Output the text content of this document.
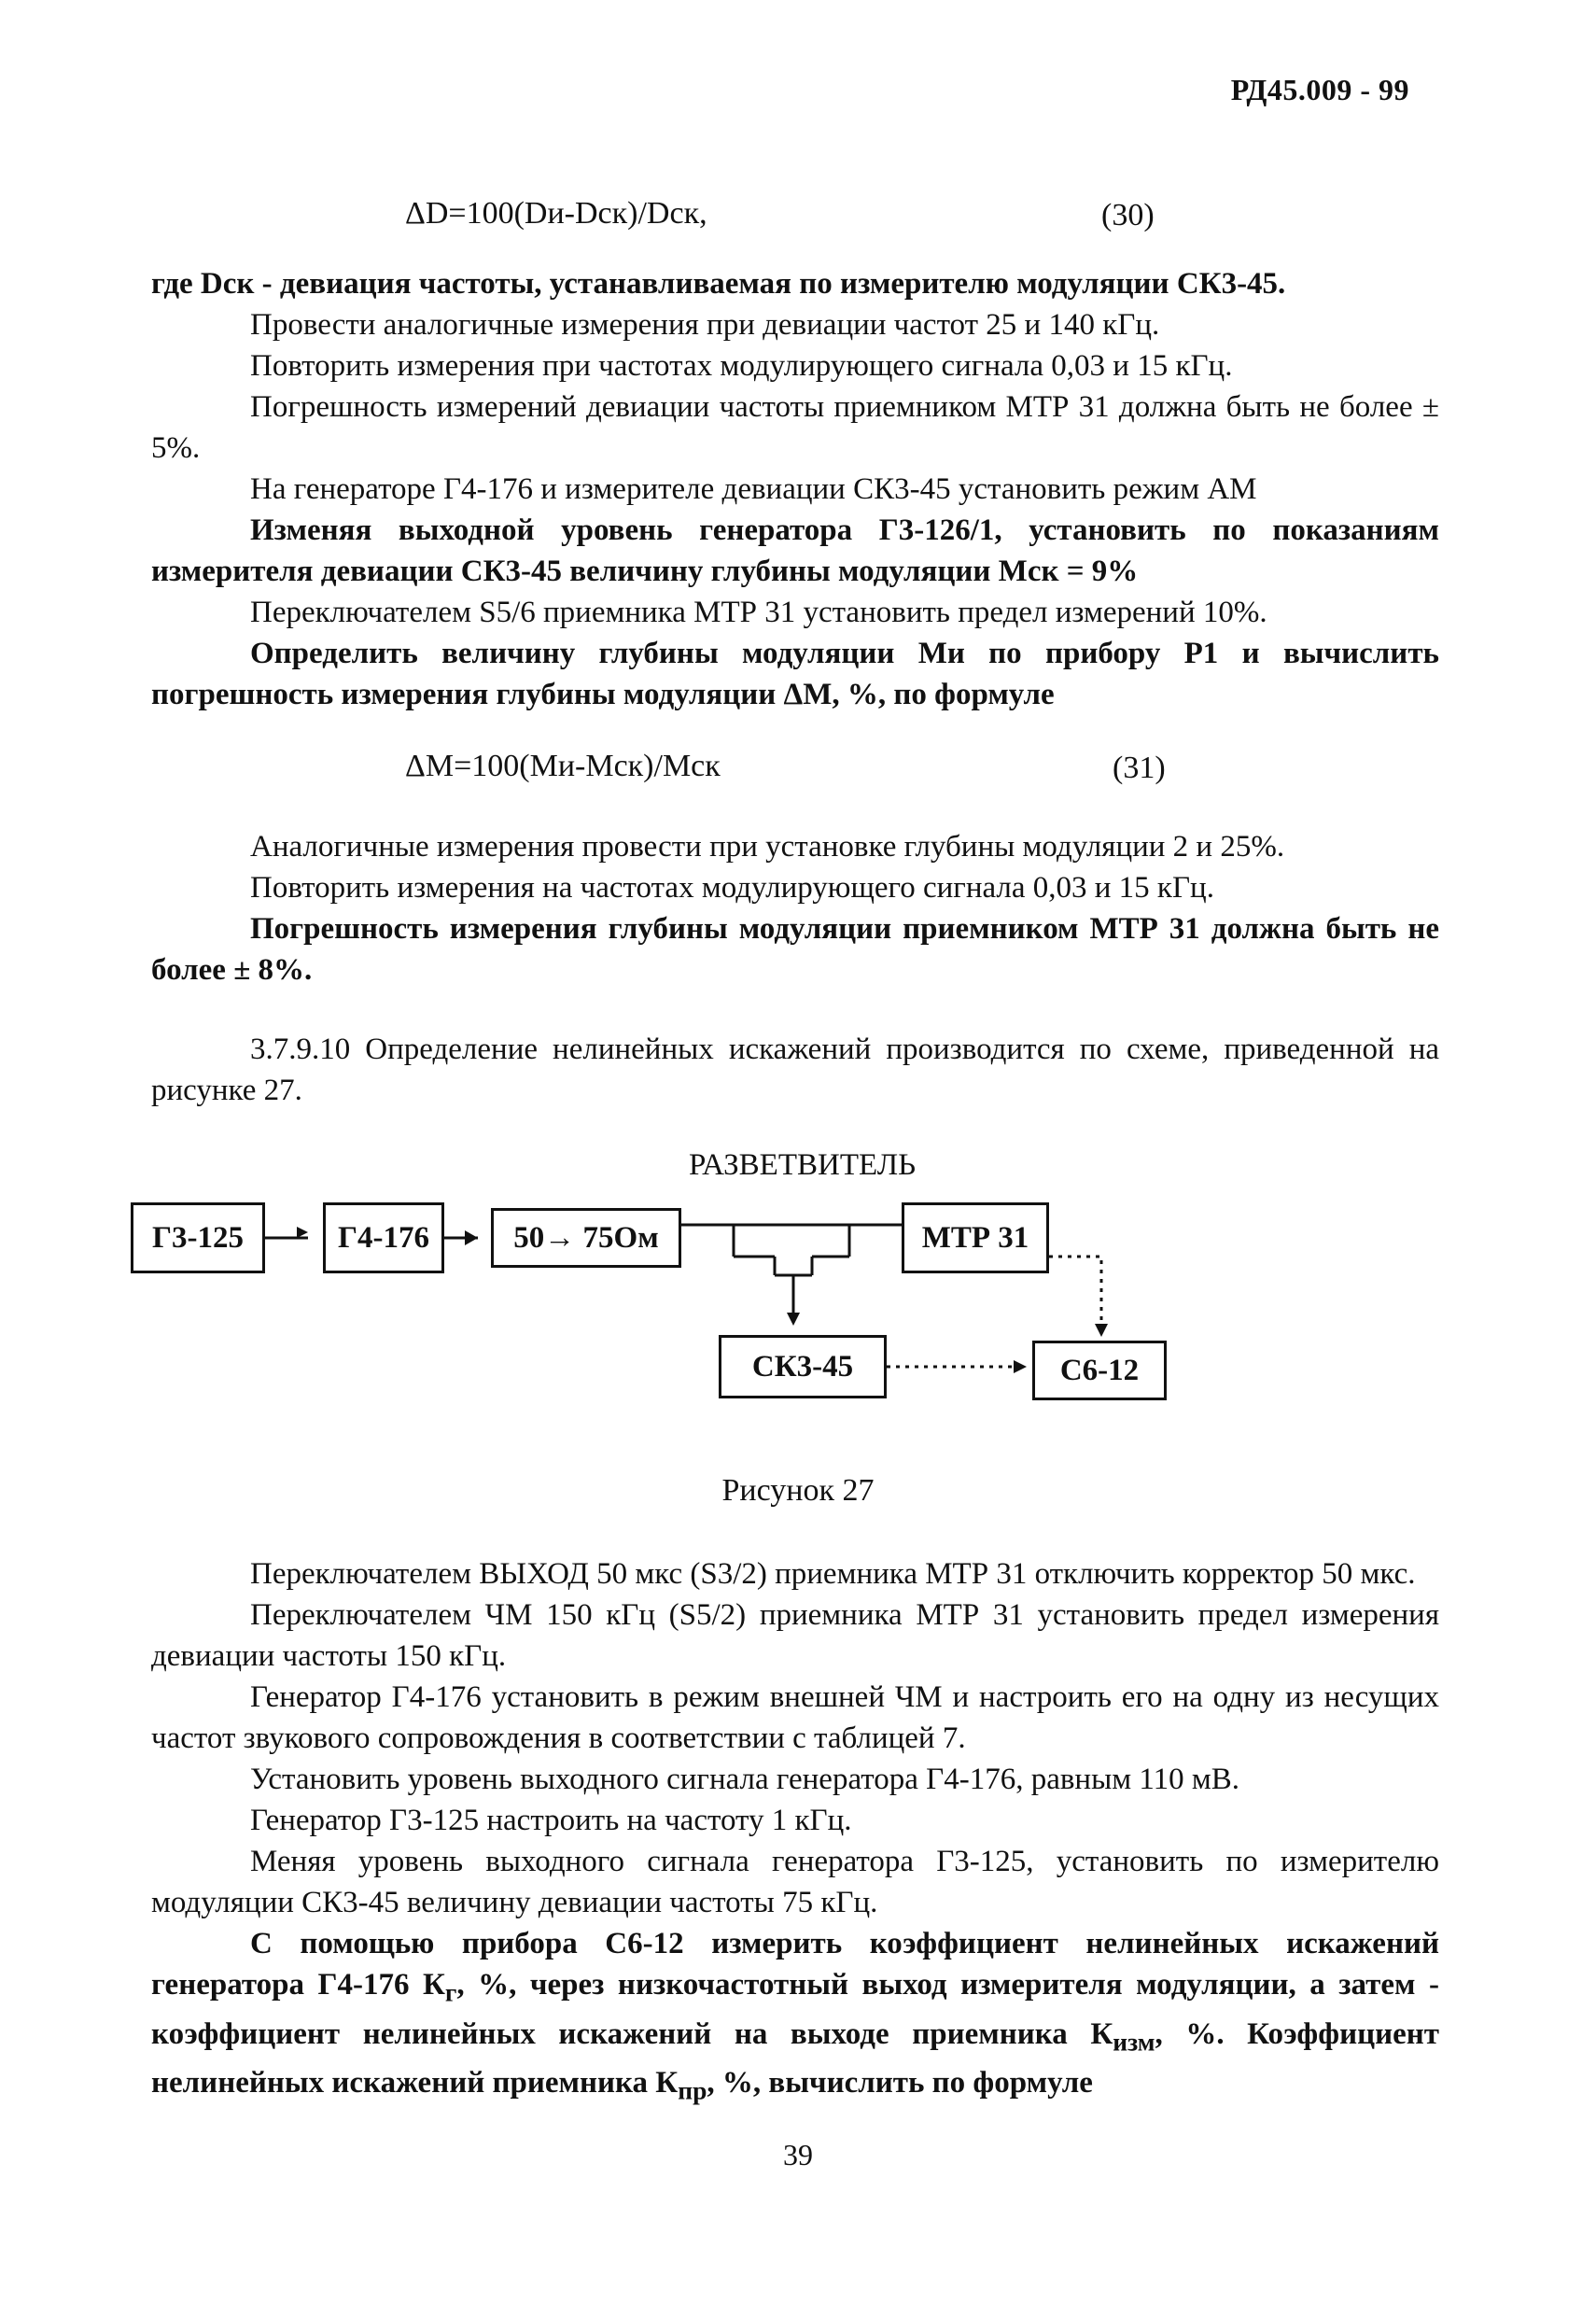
РД45.009 - 99
ΔD=100(Dи-Dск)/Dск,	(30)

где Dск - девиация частоты, устанавливаемая по измерителю модуляции СК3-45.

Провести аналогичные измерения при девиации частот 25 и 140 кГц.

Повторить измерения при частотах модулирующего сигнала 0,03 и 15 кГц.

Погрешность измерений девиации частоты приемником МТР 31 должна быть не более ± 5%.

На генераторе Г4-176 и измерителе девиации СК3-45 установить режим АМ

Изменяя выходной уровень генератора Г3-126/1, установить по показаниям измерителя девиации СК3-45 величину глубины модуляции Мск = 9%

Переключателем S5/6 приемника МТР 31 установить предел измерений 10%.

Определить величину глубины модуляции Ми по прибору Р1 и вычислить погрешность измерения глубины модуляции ΔМ, %, по формуле

ΔМ=100(Ми-Мск)/Мск	(31)

Аналогичные измерения провести при установке глубины модуляции 2 и 25%.

Повторить измерения на частотах модулирующего сигнала 0,03 и 15 кГц.

Погрешность измерения глубины модуляции приемником МТР 31 должна быть не более ± 8%.

3.7.9.10 Определение нелинейных искажений производится по схеме, приведенной на рисунке 27.

РАЗВЕТВИТЕЛЬ
Г3-125	Г4-176	50→ 75Ом	МТР 31
СК3-45	С6-12
Рисунок 27

Переключателем ВЫХОД 50 мкс (S3/2) приемника МТР 31 отключить корректор 50 мкс.

Переключателем ЧМ 150 кГц (S5/2) приемника МТР 31 установить предел измерения девиации частоты 150 кГц.

Генератор Г4-176 установить в режим внешней ЧМ и настроить его на одну из несущих частот звукового сопровождения в соответствии с таблицей 7.

Установить уровень выходного сигнала генератора Г4-176, равным 110 мВ.

Генератор Г3-125 настроить на частоту 1 кГц.

Меняя уровень выходного сигнала генератора Г3-125, установить по измерителю модуляции СК3-45 величину девиации частоты 75 кГц.

С помощью прибора С6-12 измерить коэффициент нелинейных искажений генератора Г4-176 $К_г$, %, через низкочастотный выход измерителя модуляции, а затем - коэффициент нелинейных искажений на выходе приемника $К_{изм}$, %. Коэффициент нелинейных искажений приемника $К_{пр}$, %, вычислить по формуле

39
